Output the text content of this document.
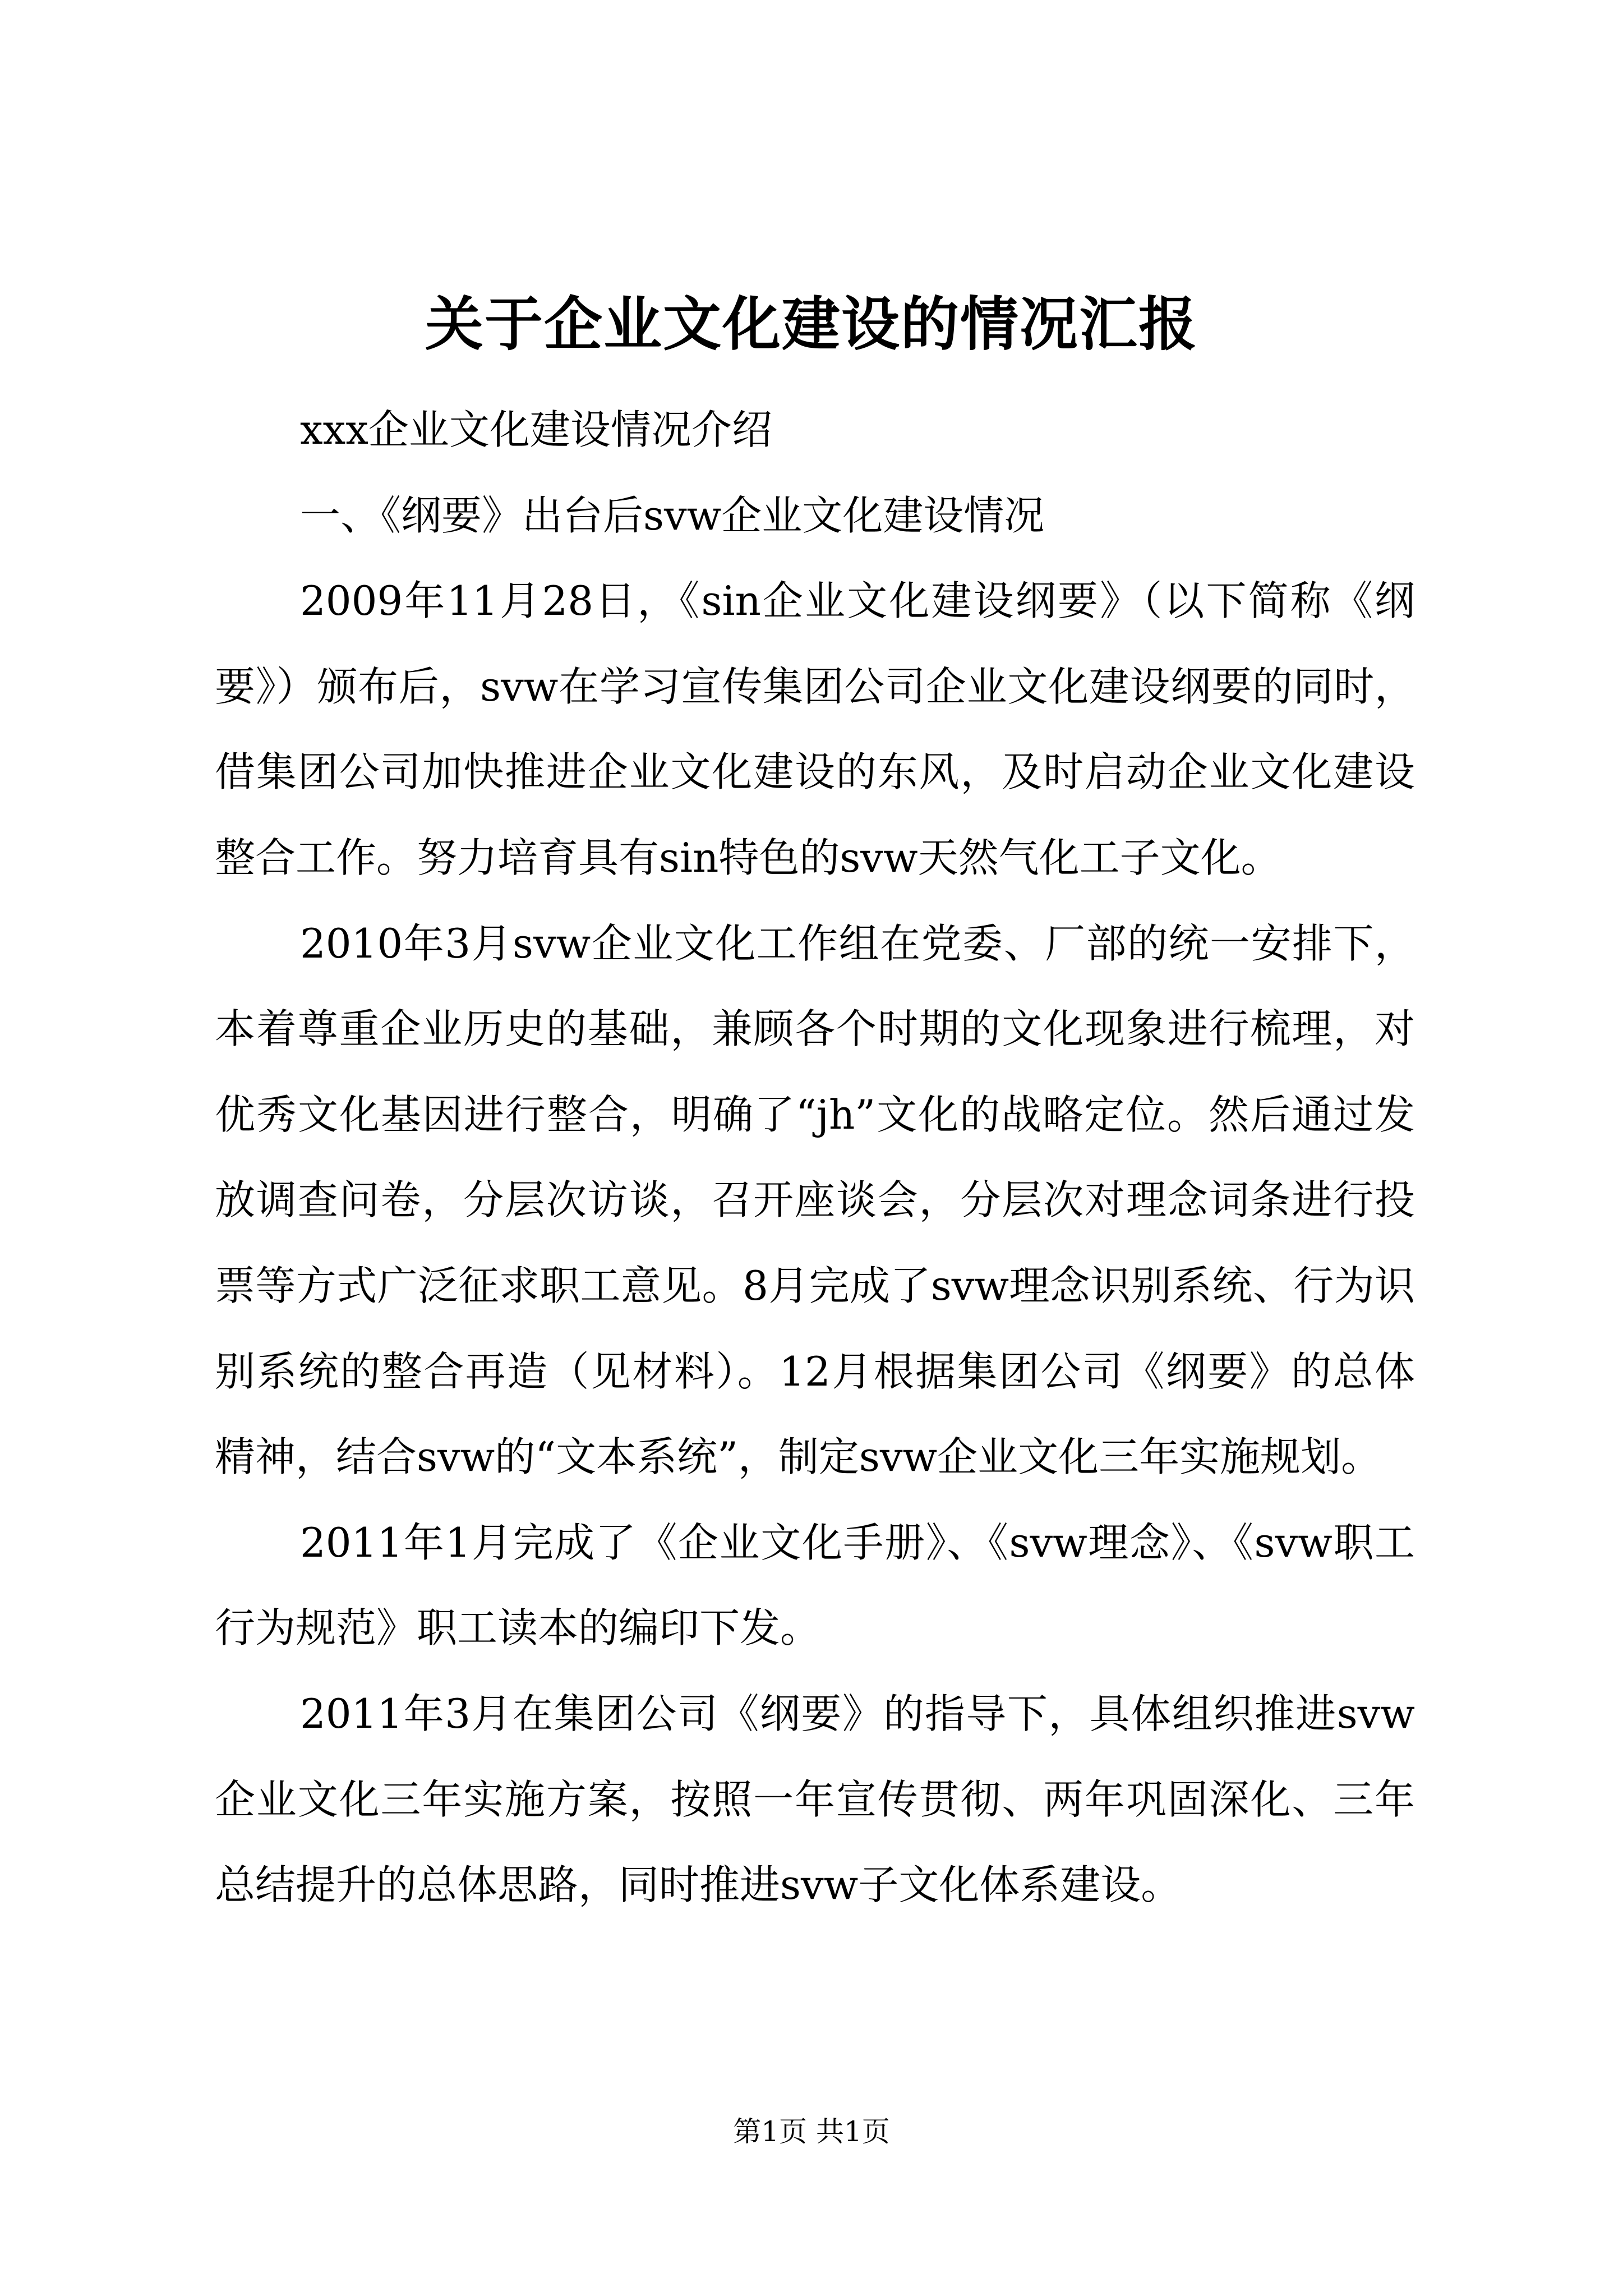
关于企业文化建设的情况汇报

xxx企业文化建设情况介绍

一、《纲要》出台后svw企业文化建设情况

2009年11月28日，《sin企业文化建设纲要》（以下简称《纲要》）颁布后，svw在学习宣传集团公司企业文化建设纲要的同时，借集团公司加快推进企业文化建设的东风，及时启动企业文化建设整合工作。努力培育具有sin特色的svw天然气化工子文化。

2010年3月svw企业文化工作组在党委、厂部的统一安排下，本着尊重企业历史的基础，兼顾各个时期的文化现象进行梳理，对优秀文化基因进行整合，明确了“jh”文化的战略定位。然后通过发放调查问卷，分层次访谈，召开座谈会，分层次对理念词条进行投票等方式广泛征求职工意见。8月完成了svw理念识别系统、行为识别系统的整合再造（见材料）。12月根据集团公司《纲要》的总体精神，结合svw的“文本系统”，制定svw企业文化三年实施规划。

2011年1月完成了《企业文化手册》、《svw理念》、《svw职工行为规范》职工读本的编印下发。

2011年3月在集团公司《纲要》的指导下，具体组织推进svw企业文化三年实施方案，按照一年宣传贯彻、两年巩固深化、三年总结提升的总体思路，同时推进svw子文化体系建设。

第1页 共1页
